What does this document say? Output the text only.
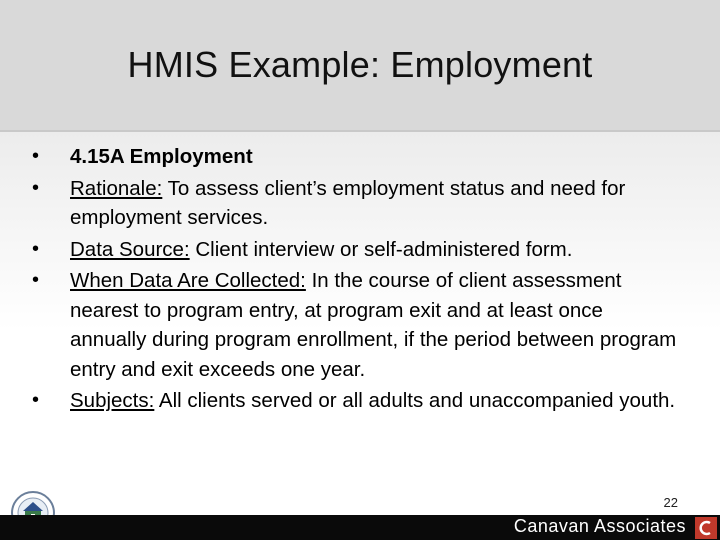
HMIS Example: Employment
• 4.15A Employment
• Rationale: To assess client’s employment status and need for employment services.
• Data Source: Client interview or self-administered form.
• When Data Are Collected: In the course of client assessment nearest to program entry, at program exit and at least once annually during program enrollment, if the period between program entry and exit exceeds one year.
• Subjects: All clients served or all adults and unaccompanied youth.
22
Canavan Associates
